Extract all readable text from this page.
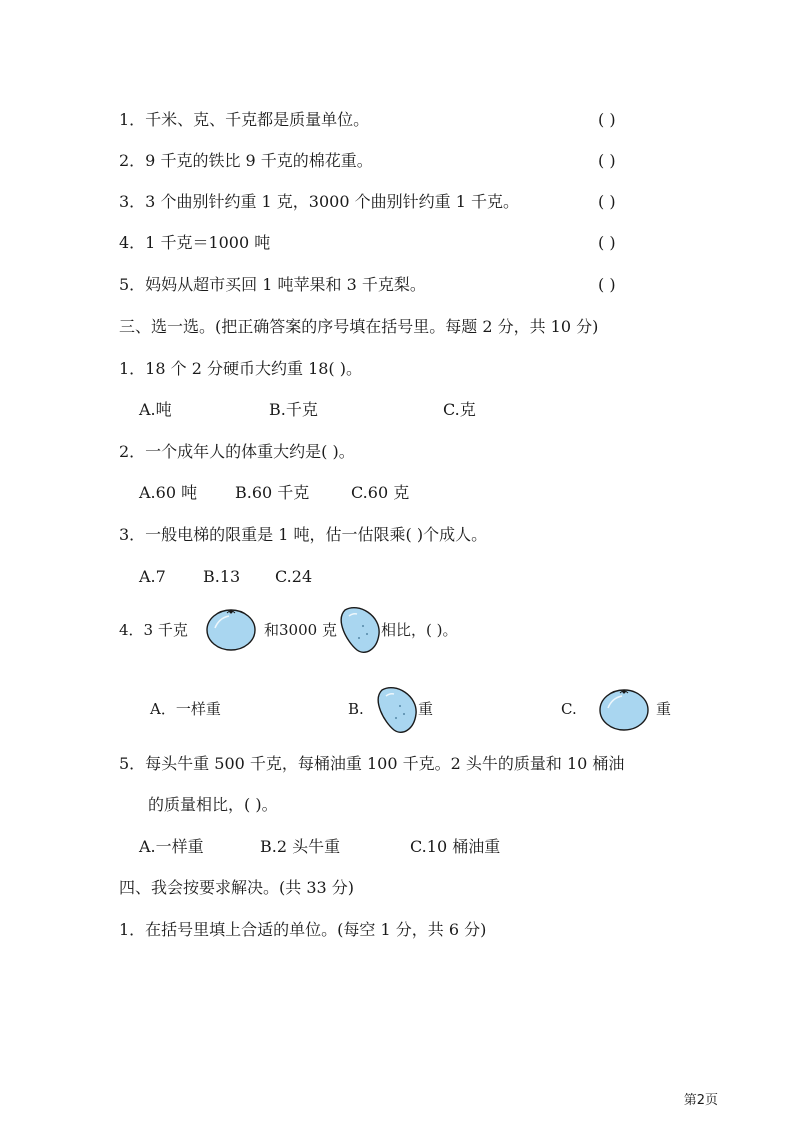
1．千米、克、千克都是质量单位。	( )
2．9 千克的铁比 9 千克的棉花重。	( )
3．3 个曲别针约重 1 克，3000 个曲别针约重 1 千克。	( )
4．1 千克＝1000 吨	( )
5．妈妈从超市买回 1 吨苹果和 3 千克梨。	( )
三、选一选。(把正确答案的序号填在括号里。每题 2 分，共 10 分)
1．18 个 2 分硬币大约重 18( )。
A.吨	B.千克	C.克
2．一个成年人的体重大约是( )。
A.60 吨 B.60 千克	C.60 克
3．一般电梯的限重是 1 吨，估一估限乘( )个成人。
A.7 B.13 C.24
4．3 千克	和3000 克	相比，( )。
A．一样重	B.	重	C.	重
5．每头牛重 500 千克，每桶油重 100 千克。2 头牛的质量和 10 桶油
的质量相比，( )。
A.一样重	B.2 头牛重	C.10 桶油重
四、我会按要求解决。(共 33 分)
1．在括号里填上合适的单位。(每空 1 分，共 6 分)
第2页
